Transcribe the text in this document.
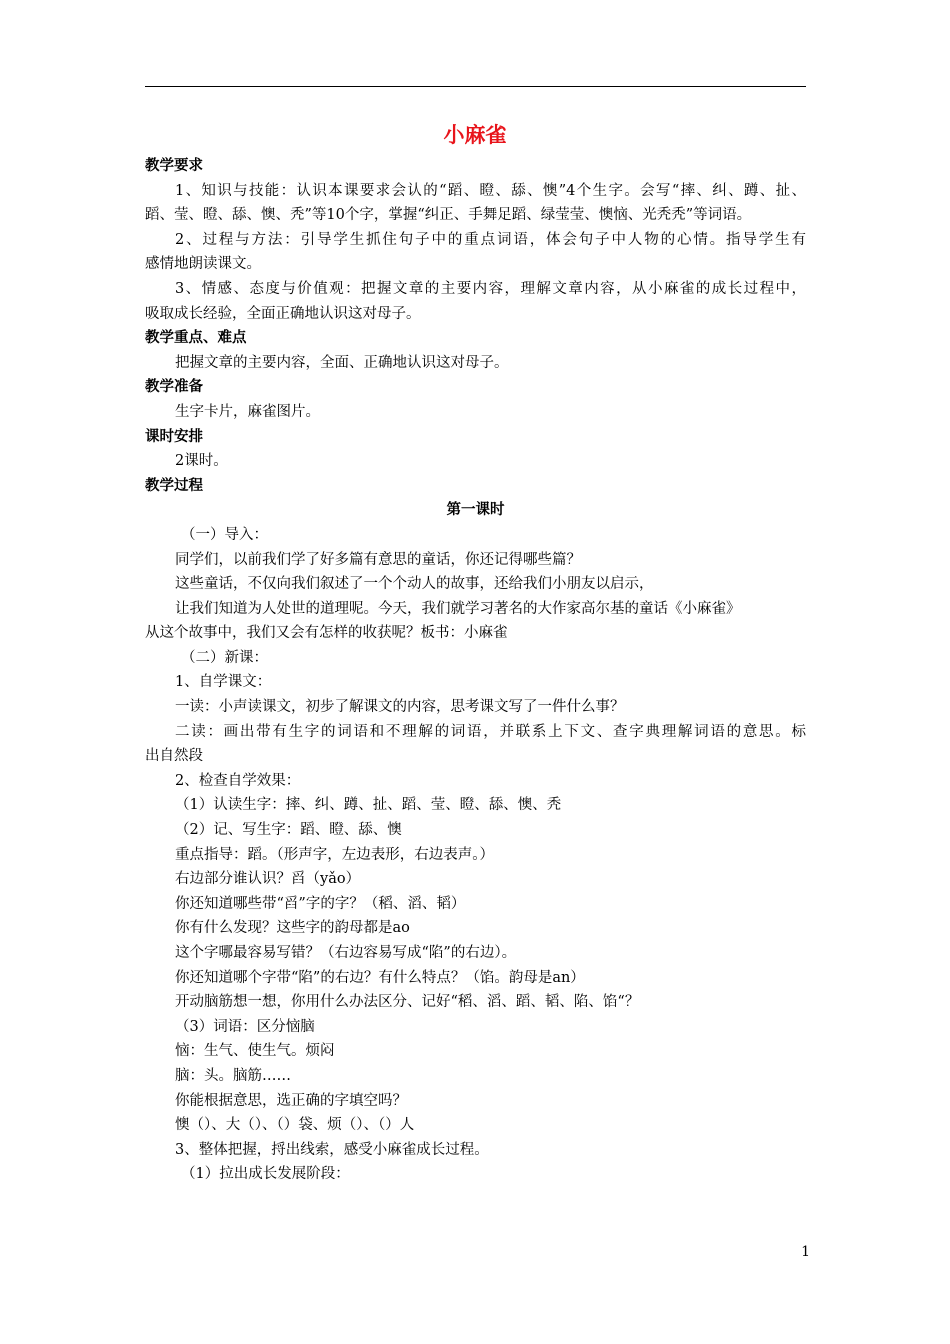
小麻雀
教学要求
1、知识与技能：认识本课要求会认的“蹈、瞪、舔、懊”4个生字。会写“摔、纠、蹲、扯、
蹈、莹、瞪、舔、懊、秃”等10个字，掌握“纠正、手舞足蹈、绿莹莹、懊恼、光秃秃”等词语。
2、过程与方法：引导学生抓住句子中的重点词语，体会句子中人物的心情。指导学生有
感情地朗读课文。
3、情感、态度与价值观：把握文章的主要内容，理解文章内容，从小麻雀的成长过程中，
吸取成长经验，全面正确地认识这对母子。
教学重点、难点
把握文章的主要内容，全面、正确地认识这对母子。
教学准备
生字卡片，麻雀图片。
课时安排
2课时。
教学过程
第一课时
（一）导入：
同学们，以前我们学了好多篇有意思的童话，你还记得哪些篇？
这些童话，不仅向我们叙述了一个个动人的故事，还给我们小朋友以启示，
让我们知道为人处世的道理呢。今天，我们就学习著名的大作家高尔基的童话《小麻雀》
从这个故事中，我们又会有怎样的收获呢？板书：小麻雀
（二）新课：
1、自学课文：
一读：小声读课文，初步了解课文的内容，思考课文写了一件什么事？
二读：画出带有生字的词语和不理解的词语，并联系上下文、查字典理解词语的意思。标
出自然段
2、检查自学效果：
（1）认读生字：摔、纠、蹲、扯、蹈、莹、瞪、舔、懊、秃
（2）记、写生字：蹈、瞪、舔、懊
重点指导：蹈。（形声字，左边表形，右边表声。）
右边部分谁认识？舀（yǎo）
你还知道哪些带“舀”字的字？（稻、滔、韬）
你有什么发现？这些字的韵母都是ao
这个字哪最容易写错？（右边容易写成“陷”的右边）。
你还知道哪个字带“陷”的右边？有什么特点？（馅。韵母是an）
开动脑筋想一想，你用什么办法区分、记好“稻、滔、蹈、韬、陷、馅“？
（3）词语：区分恼脑
恼：生气、使生气。烦闷
脑：头。脑筋……
你能根据意思，选正确的字填空吗？
懊（）、大（）、（）袋、烦（）、（）人
3、整体把握，捋出线索，感受小麻雀成长过程。
（1）拉出成长发展阶段：
1
